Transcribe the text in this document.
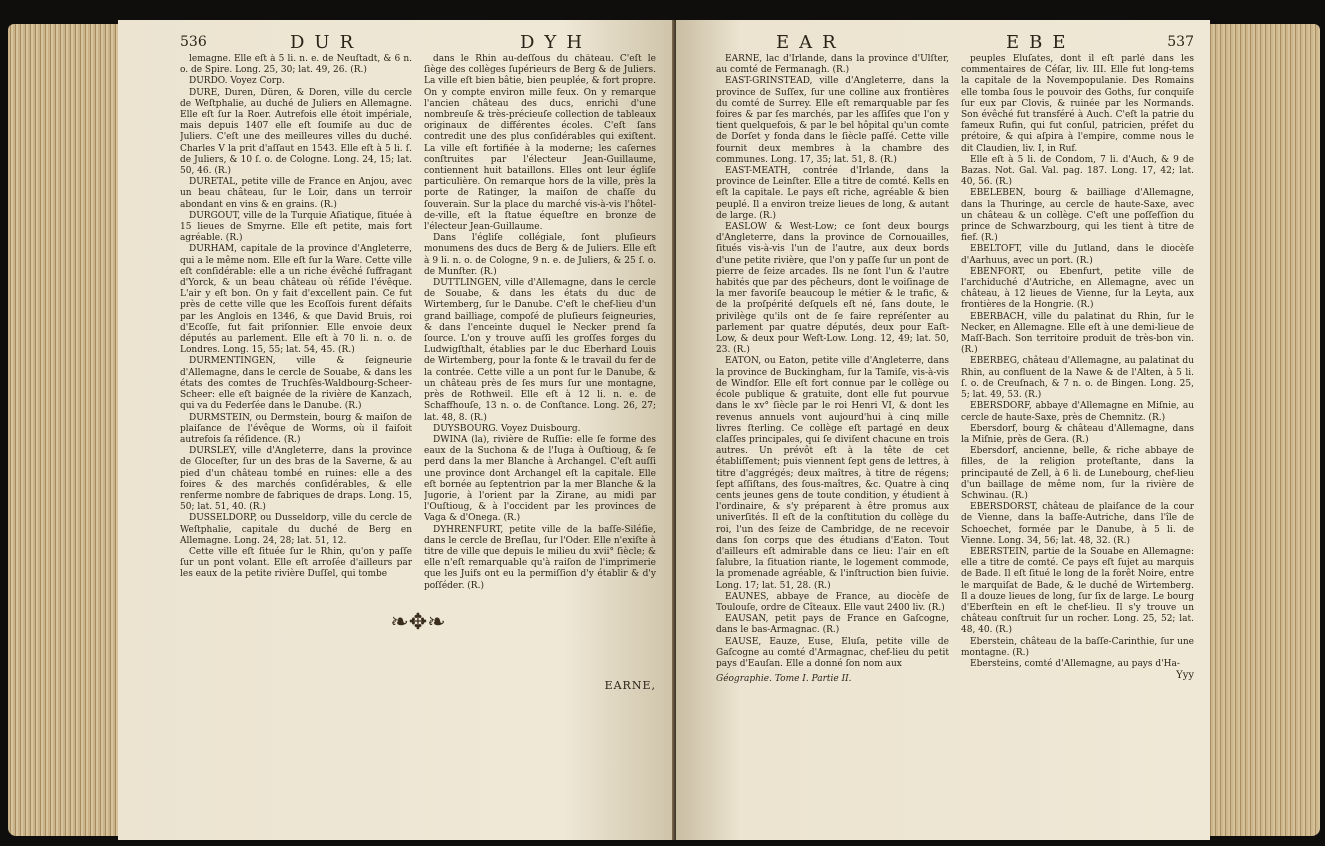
536	DUR	DYH

lemagne. Elle eſt à 5 li. n. e. de Neuſtadt, & 6 n. o. de Spire. Long. 25, 30; lat. 49, 26. (R.)

DURDO. Voyez Corp.

DURE, Duren, Düren, & Doren, ville du cercle de Weſtphalie, au duché de Juliers en Allemagne. Elle eſt ſur la Roer. Autrefois elle étoit impériale, mais depuis 1407 elle eſt ſoumiſe au duc de Juliers. C'eſt une des meilleures villes du duché. Charles V la prit d'aſſaut en 1543. Elle eſt à 5 li. ſ. de Juliers, & 10 ſ. o. de Cologne. Long. 24, 15; lat. 50, 46. (R.)

DURETAL, petite ville de France en Anjou, avec un beau château, ſur le Loir, dans un terroir abondant en vins & en grains. (R.)

DURGOUT, ville de la Turquie Aſiatique, ſituée à 15 lieues de Smyrne. Elle eſt petite, mais fort agréable. (R.)

DURHAM, capitale de la province d'Angleterre, qui a le même nom. Elle eſt ſur la Ware. Cette ville eſt conſidérable: elle a un riche évêché ſuffragant d'Yorck, & un beau château où réſide l'évêque. L'air y eſt bon. On y fait d'excellent pain. Ce fut près de cette ville que les Ecoſſois furent défaits par les Anglois en 1346, & que David Bruis, roi d'Ecoſſe, fut fait priſonnier. Elle envoie deux députés au parlement. Elle eſt à 70 li. n. o. de Londres. Long. 15, 55; lat. 54, 45. (R.)

DURMENTINGEN, ville & ſeigneurie d'Allemagne, dans le cercle de Souabe, & dans les états des comtes de Truchſès-Waldbourg-Scheer-Scheer: elle eſt baignée de la rivière de Kanzach, qui va du Federſée dans le Danube. (R.)

DURMSTEIN, ou Dermstein, bourg & maiſon de plaiſance de l'évêque de Worms, où il faiſoit autrefois ſa réſidence. (R.)

DURSLEY, ville d'Angleterre, dans la province de Gloceſter, ſur un des bras de la Saverne, & au pied d'un château tombé en ruines: elle a des foires & des marchés conſidérables, & elle renferme nombre de fabriques de draps. Long. 15, 50; lat. 51, 40. (R.)

DUSSELDORP, ou Dusseldorp, ville du cercle de Weſtphalie, capitale du duché de Berg en Allemagne. Long. 24, 28; lat. 51, 12.

Cette ville eſt ſituée ſur le Rhin, qu'on y paſſe ſur un pont volant. Elle eſt arroſée d'ailleurs par les eaux de la petite rivière Duſſel, qui tombe

dans le Rhin au-deſſous du château. C'eſt le ſiège des collèges ſupérieurs de Berg & de Juliers. La ville eſt bien bâtie, bien peuplée, & fort propre. On y compte environ mille feux. On y remarque l'ancien château des ducs, enrichi d'une nombreuſe & très-précieuſe collection de tableaux originaux de différentes écoles. C'eſt ſans contredit une des plus conſidérables qui exiſtent. La ville eſt fortifiée à la moderne; les caſernes conſtruites par l'électeur Jean-Guillaume, contiennent huit bataillons. Elles ont leur égliſe particulière. On remarque hors de la ville, près la porte de Ratinger, la maiſon de chaſſe du ſouverain. Sur la place du marché vis-à-vis l'hôtel-de-ville, eſt la ſtatue équeſtre en bronze de l'électeur Jean-Guillaume.

Dans l'égliſe collégiale, ſont pluſieurs monumens des ducs de Berg & de Juliers. Elle eſt à 9 li. n. o. de Cologne, 9 n. e. de Juliers, & 25 ſ. o. de Munſter. (R.)

DUTTLINGEN, ville d'Allemagne, dans le cercle de Souabe, & dans les états du duc de Wirtemberg, ſur le Danube. C'eſt le chef-lieu d'un grand bailliage, compoſé de pluſieurs ſeigneuries, & dans l'enceinte duquel le Necker prend ſa ſource. L'on y trouve auſſi les groſſes forges du Ludwigſthalt, établies par le duc Eberhard Louis de Wirtemberg, pour la fonte & le travail du fer de la contrée. Cette ville a un pont ſur le Danube, & un château près de ſes murs ſur une montagne, près de Rothweil. Elle eſt à 12 li. n. e. de Schaffhouſe, 13 n. o. de Conſtance. Long. 26, 27; lat. 48, 8. (R.)

DUYSBOURG. Voyez Duisbourg.

DWINA (la), rivière de Ruſſie: elle ſe forme des eaux de la Suchona & de l'Iuga à Ouſtioug, & ſe perd dans la mer Blanche à Archangel. C'eſt auſſi une province dont Archangel eſt la capitale. Elle eſt bornée au ſeptentrion par la mer Blanche & la Jugorie, à l'orient par la Zirane, au midi par l'Ouſtioug, & à l'occident par les provinces de Vaga & d'Onega. (R.)

DYHRENFURT, petite ville de la baſſe-Siléſie, dans le cercle de Breſlau, ſur l'Oder. Elle n'exiſte à titre de ville que depuis le milieu du xvii° ſiècle; & elle n'eſt remarquable qu'à raiſon de l'imprimerie que les Juifs ont eu la permiſſion d'y établir & d'y poſſéder. (R.)

❧✥❧
EARNE,
EAR	EBE	537

EARNE, lac d'Irlande, dans la province d'Ulſter, au comté de Fermanagh. (R.)

EAST-GRINSTEAD, ville d'Angleterre, dans la province de Suſſex, ſur une colline aux frontières du comté de Surrey. Elle eſt remarquable par ſes foires & par ſes marchés, par les aſſiſes que l'on y tient quelquefois, & par le bel hôpital qu'un comte de Dorſet y fonda dans le ſiècle paſſé. Cette ville fournit deux membres à la chambre des communes. Long. 17, 35; lat. 51, 8. (R.)

EAST-MEATH, contrée d'Irlande, dans la province de Leinſter. Elle a titre de comté. Kells en eſt la capitale. Le pays eſt riche, agréable & bien peuplé. Il a environ treize lieues de long, & autant de large. (R.)

EASLOW & West-Low; ce ſont deux bourgs d'Angleterre, dans la province de Cornouailles, ſitués vis-à-vis l'un de l'autre, aux deux bords d'une petite rivière, que l'on y paſſe ſur un pont de pierre de ſeize arcades. Ils ne ſont l'un & l'autre habités que par des pêcheurs, dont le voiſinage de la mer favoriſe beaucoup le métier & le trafic, & de la proſpérité deſquels eſt né, ſans doute, le privilège qu'ils ont de ſe faire repréſenter au parlement par quatre députés, deux pour Eaſt-Low, & deux pour Weſt-Low. Long. 12, 49; lat. 50, 23. (R.)

EATON, ou Eaton, petite ville d'Angleterre, dans la province de Buckingham, ſur la Tamiſe, vis-à-vis de Windſor. Elle eſt fort connue par le collège ou école publique & gratuite, dont elle fut pourvue dans le xv° ſiècle par le roi Henri VI, & dont les revenus annuels vont aujourd'hui à cinq mille livres ſterling. Ce collège eſt partagé en deux claſſes principales, qui ſe diviſent chacune en trois autres. Un prévôt eſt à la tête de cet établiſſement; puis viennent ſept gens de lettres, à titre d'aggrégés; deux maîtres, à titre de régens; ſept aſſiſtans, des ſous-maîtres, &c. Quatre à cinq cents jeunes gens de toute condition, y étudient à l'ordinaire, & s'y préparent à être promus aux univerſités. Il eſt de la conſtitution du collège du roi, l'un des ſeize de Cambridge, de ne recevoir dans ſon corps que des étudians d'Eaton. Tout d'ailleurs eſt admirable dans ce lieu: l'air en eſt ſalubre, la ſituation riante, le logement commode, la promenade agréable, & l'inſtruction bien ſuivie. Long. 17; lat. 51, 28. (R.)

EAUNES, abbaye de France, au diocèſe de Toulouſe, ordre de Cîteaux. Elle vaut 2400 liv. (R.)

EAUSAN, petit pays de France en Gaſcogne, dans le bas-Armagnac. (R.)

EAUSE, Eauze, Euse, Eluſa, petite ville de Gaſcogne au comté d'Armagnac, chef-lieu du petit pays d'Eauſan. Elle a donné ſon nom aux

Géographie. Tome I. Partie II.

peuples Eluſates, dont il eſt parlé dans les commentaires de Céſar, liv. III. Elle fut long-tems la capitale de la Novempopulanie. Des Romains elle tomba ſous le pouvoir des Goths, ſur conquiſe ſur eux par Clovis, & ruinée par les Normands. Son évêché fut transféré à Auch. C'eſt la patrie du fameux Rufin, qui fut conſul, patricien, préfet du prétoire, & qui aſpira à l'empire, comme nous le dit Claudien, liv. I, in Ruf.

Elle eſt à 5 li. de Condom, 7 li. d'Auch, & 9 de Bazas. Not. Gal. Val. pag. 187. Long. 17, 42; lat. 40, 56. (R.)

EBELEBEN, bourg & bailliage d'Allemagne, dans la Thuringe, au cercle de haute-Saxe, avec un château & un collège. C'eſt une poſſeſſion du prince de Schwarzbourg, qui les tient à titre de fief. (R.)

EBELTOFT, ville du Jutland, dans le diocèſe d'Aarhuus, avec un port. (R.)

EBENFORT, ou Ebenfurt, petite ville de l'archiduché d'Autriche, en Allemagne, avec un château, à 12 lieues de Vienne, ſur la Leyta, aux frontières de la Hongrie. (R.)

EBERBACH, ville du palatinat du Rhin, ſur le Necker, en Allemagne. Elle eſt à une demi-lieue de Maſſ-Bach. Son territoire produit de très-bon vin. (R.)

EBERBEG, château d'Allemagne, au palatinat du Rhin, au confluent de la Nawe & de l'Alten, à 5 li. ſ. o. de Creuſnach, & 7 n. o. de Bingen. Long. 25, 5; lat. 49, 53. (R.)

EBERSDORF, abbaye d'Allemagne en Miſnie, au cercle de haute-Saxe, près de Chemnitz. (R.)

Ebersdorf, bourg & château d'Allemagne, dans la Miſnie, près de Gera. (R.)

Ebersdorf, ancienne, belle, & riche abbaye de filles, de la religion proteſtante, dans la principauté de Zell, à 6 li. de Lunebourg, chef-lieu d'un baillage de même nom, ſur la rivière de Schwinau. (R.)

EBERSDORST, château de plaiſance de la cour de Vienne, dans la baſſe-Autriche, dans l'île de Schoechet, formée par le Danube, à 5 li. de Vienne. Long. 34, 56; lat. 48, 32. (R.)

EBERSTEIN, partie de la Souabe en Allemagne: elle a titre de comté. Ce pays eſt ſujet au marquis de Bade. Il eſt ſitué le long de la forêt Noire, entre le marquiſat de Bade, & le duché de Wirtemberg. Il a douze lieues de long, ſur ſix de large. Le bourg d'Eberſtein en eſt le chef-lieu. Il s'y trouve un château conſtruit ſur un rocher. Long. 25, 52; lat. 48, 40. (R.)

Eberstein, château de la baſſe-Carinthie, ſur une montagne. (R.)

Ebersteins, comté d'Allemagne, au pays d'Ha-

Yyy
